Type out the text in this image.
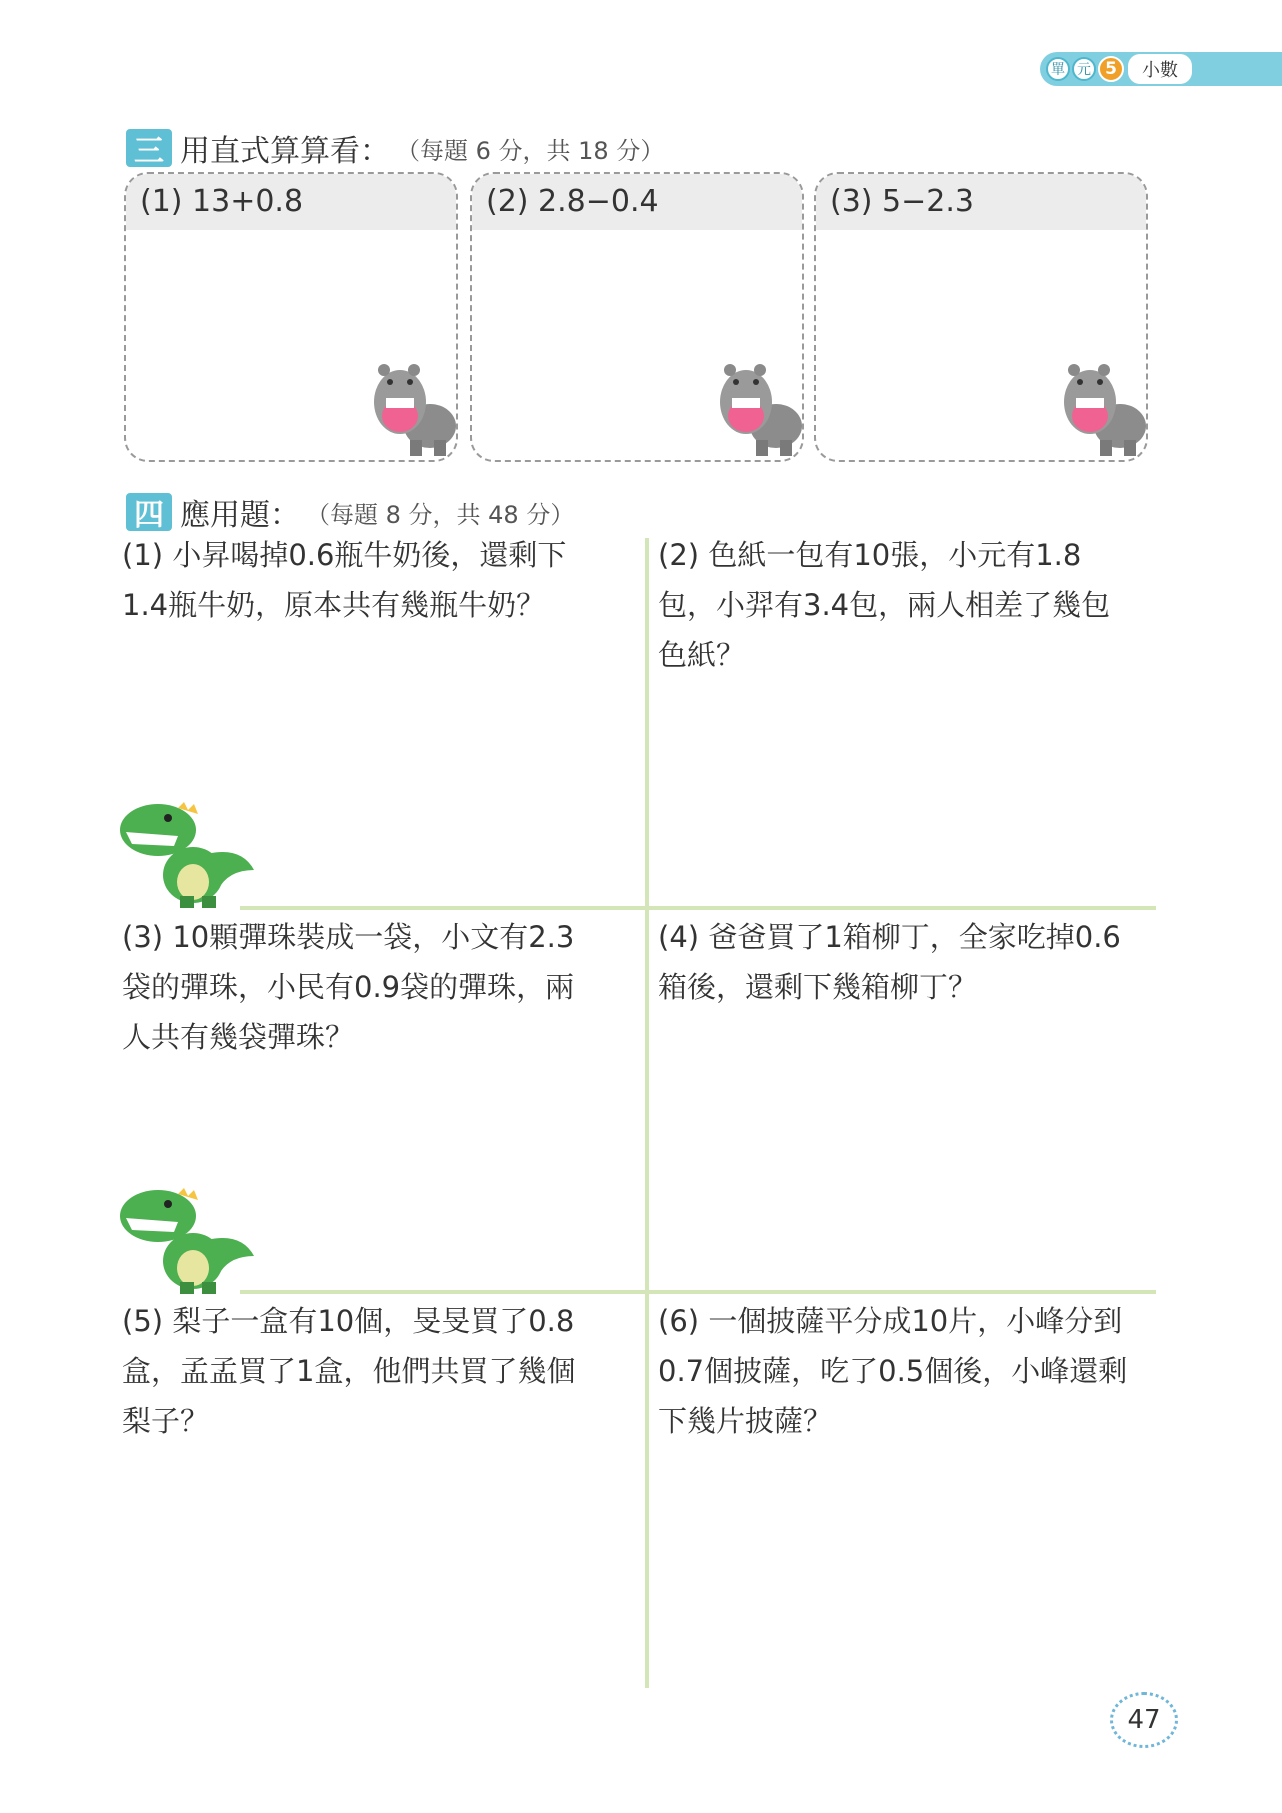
單 元 5	小數
三 用直式算算看： （每題 6 分，共 18 分）
(1) 13+0.8	(2) 2.8−0.4	(3) 5−2.3
四 應用題： （每題 8 分，共 48 分）
(1) 小昇喝掉0.6瓶牛奶後，還剩下1.4瓶牛奶，原本共有幾瓶牛奶？
(2) 色紙一包有10張，小元有1.8包，小羿有3.4包，兩人相差了幾包色紙？
(3) 10顆彈珠裝成一袋，小文有2.3袋的彈珠，小民有0.9袋的彈珠，兩人共有幾袋彈珠？
(4) 爸爸買了1箱柳丁，全家吃掉0.6箱後，還剩下幾箱柳丁？
(5) 梨子一盒有10個，旻旻買了0.8盒，孟孟買了1盒，他們共買了幾個梨子？
(6) 一個披薩平分成10片，小峰分到0.7個披薩，吃了0.5個後，小峰還剩下幾片披薩？
47
